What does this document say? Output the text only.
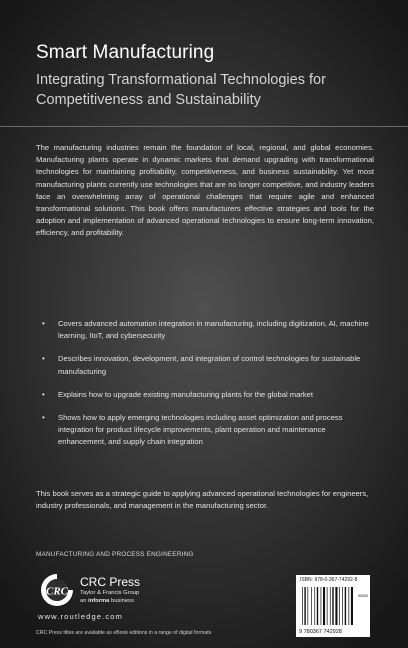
Smart Manufacturing
Integrating Transformational Technologies for Competitiveness and Sustainability

The manufacturing industries remain the foundation of local, regional, and global economies. Manufacturing plants operate in dynamic markets that demand upgrading with transformational technologies for maintaining profitability, competitiveness, and business sustainability. Yet most manufacturing plants currently use technologies that are no longer competitive, and industry leaders face an overwhelming array of operational challenges that require agile and enhanced transformational solutions. This book offers manufacturers effective strategies and tools for the adoption and implementation of advanced operational technologies to ensure long-term innovation, efficiency, and profitability.

• Covers advanced automation integration in manufacturing, including digitization, AI, machine learning, IIoT, and cybersecurity
• Describes innovation, development, and integration of control technologies for sustainable manufacturing
• Explains how to upgrade existing manufacturing plants for the global market
• Shows how to apply emerging technologies including asset optimization and process integration for product lifecycle improvements, plant operation and maintenance enhancement, and supply chain integration

This book serves as a strategic guide to applying advanced operational technologies for engineers, industry professionals, and management in the manufacturing sector.

MANUFACTURING AND PROCESS ENGINEERING
CRC
CRC Press
Taylor & Francis Group
an informa business
www.routledge.com
CRC Press titles are available as eBook editions in a range of digital formats
ISBN: 978-0-367-74292-8
9 780367 742928
90000
